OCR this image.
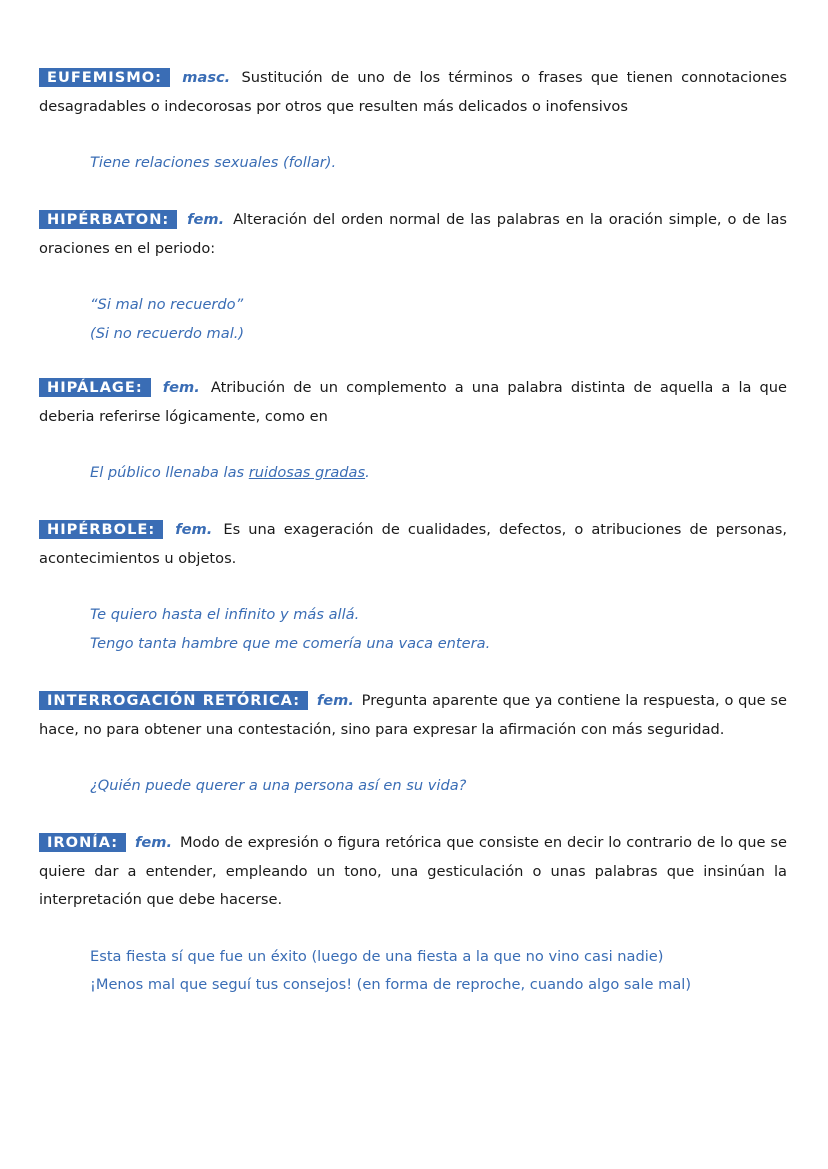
EUFEMISMO: masc. Sustitución de uno de los términos o frases que tienen connotaciones desagradables o indecorosas por otros que resulten más delicados o inofensivos
Tiene relaciones sexuales (follar).
HIPÉRBATON: fem. Alteración del orden normal de las palabras en la oración simple, o de las oraciones en el periodo:
“Si mal no recuerdo”
(Si no recuerdo mal.)
HIPÁLAGE: fem. Atribución de un complemento a una palabra distinta de aquella a la que deberia referirse lógicamente, como en
El público llenaba las ruidosas gradas.
HIPÉRBOLE: fem. Es una exageración de cualidades, defectos, o atribuciones de personas, acontecimientos u objetos.
Te quiero hasta el infinito y más allá.
Tengo tanta hambre que me comería una vaca entera.
INTERROGACIÓN RETÓRICA: fem. Pregunta aparente que ya contiene la respuesta, o que se hace, no para obtener una contestación, sino para expresar la afirmación con más seguridad.
¿Quién puede querer a una persona así en su vida?
IRONÍA: fem. Modo de expresión o figura retórica que consiste en decir lo contrario de lo que se quiere dar a entender, empleando un tono, una gesticulación o unas palabras que insinúan la interpretación que debe hacerse.
Esta fiesta sí que fue un éxito (luego de una fiesta a la que no vino casi nadie)
¡Menos mal que seguí tus consejos! (en forma de reproche, cuando algo sale mal)
